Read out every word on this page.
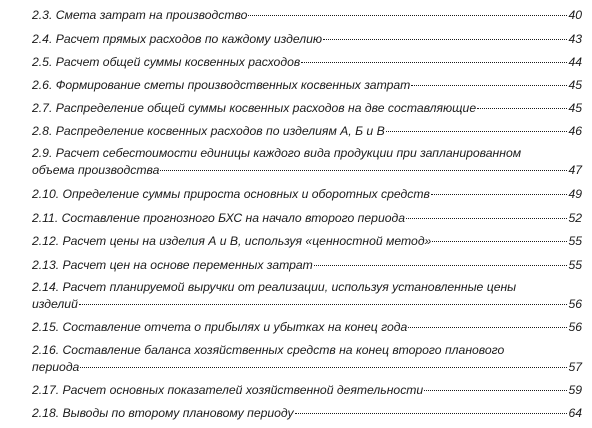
2.3. Смета затрат на производство	40
2.4. Расчет прямых расходов по каждому изделию	43
2.5. Расчет общей суммы косвенных расходов	44
2.6. Формирование сметы производственных косвенных затрат	45
2.7. Распределение общей суммы косвенных расходов на две составляющие	45
2.8. Распределение косвенных расходов по изделиям А, Б и В	46
2.9. Расчет себестоимости единицы каждого вида продукции при запланированном
объема производства	47
2.10. Определение суммы прироста основных и оборотных средств	49
2.11. Составление прогнозного БХС на начало второго периода	52
2.12. Расчет цены на изделия А и В, используя «ценностной метод»	55
2.13. Расчет цен на основе переменных затрат	55
2.14. Расчет планируемой выручки от реализации, используя установленные цены
изделий	56
2.15. Составление отчета о прибылях и убытках на конец года	56
2.16. Составление баланса хозяйственных средств на конец второго планового
периода	57
2.17. Расчет основных показателей хозяйственной деятельности	59
2.18. Выводы по второму плановому периоду	64
